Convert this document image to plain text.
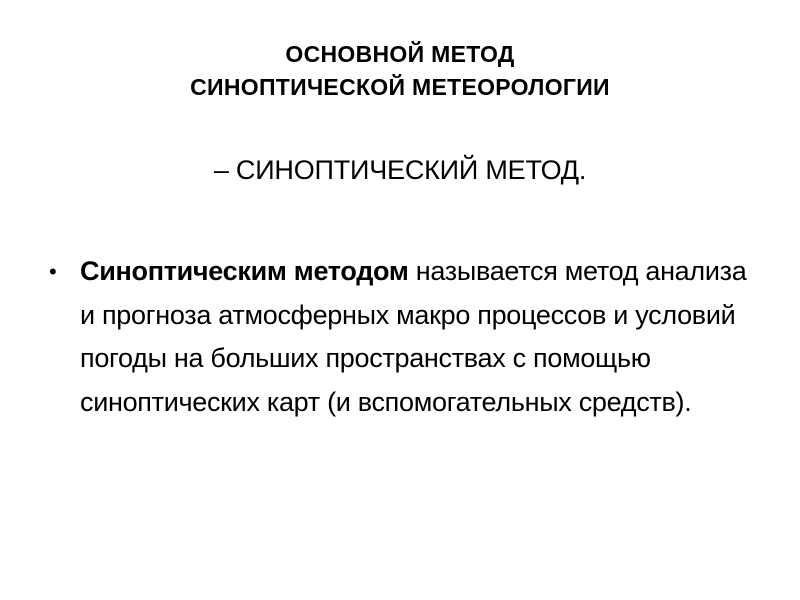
ОСНОВНОЙ МЕТОД
СИНОПТИЧЕСКОЙ МЕТЕОРОЛОГИИ
– СИНОПТИЧЕСКИЙ МЕТОД.
• Синоптическим методом называется метод анализа и прогноза атмосферных макро процессов и условий погоды на больших пространствах с помощью синоптических карт (и вспомогательных средств).
